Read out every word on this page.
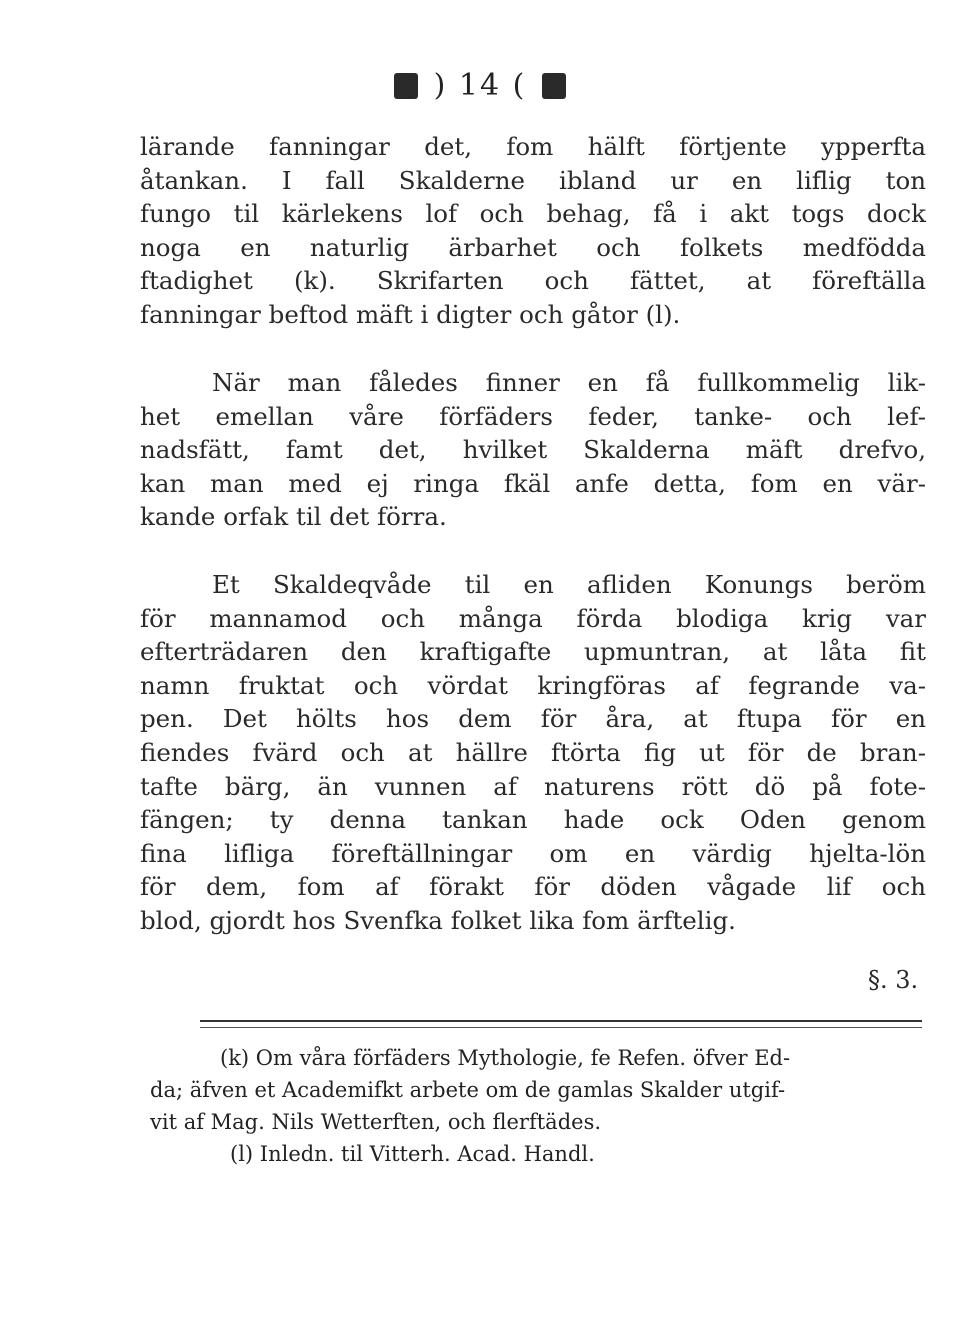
) 14 (
lärande fanningar det, fom hälft förtjente ypperfta
åtankan. I fall Skalderne ibland ur en lifl̄ig ton
fungo til kärlekens lof och behag, få i akt togs dock
noga en naturlig ärbarhet och folkets medfödda
ftadighet (k). Skrifarten och fättet, at föreftälla
fanningar beftod mäft i digter och gåtor (l).
När man fåledes finner en få fullkommelig lik-
het emellan våre förfäders feder, tanke- och lef-
nadsfätt, famt det, hvilket Skalderna mäft drefvo,
kan man med ej ringa fkäl anfe detta, fom en vär-
kande orfak til det förra.
Et Skaldeqvåde til en afliden Konungs beröm
för mannamod och många förda blodiga krig var
efterträdaren den kraftigafte upmuntran, at låta fit
namn fruktat och vördat kringföras af fegrande va-
pen. Det hölts hos dem för åra, at ftupa för en
fiendes fvärd och at hällre ftörta fig ut för de bran-
tafte bärg, än vunnen af naturens rött dö på fote-
fängen; ty denna tankan hade ock Oden genom
fina lifl̄iga föreftällningar om en värdig hjelta-lön
för dem, fom af förakt för döden vågade lif och
blod, gjordt hos Svenfka folket lika fom ärftelig.
§. 3.
(k) Om våra förfäders Mythologie, fe Refen. öfver Ed-
da; äfven et Academifkt arbete om de gamlas Skalder utgif-
vit af Mag. Nils Wetterften, och flerftädes.
(l) Inledn. til Vitterh. Acad. Handl.
